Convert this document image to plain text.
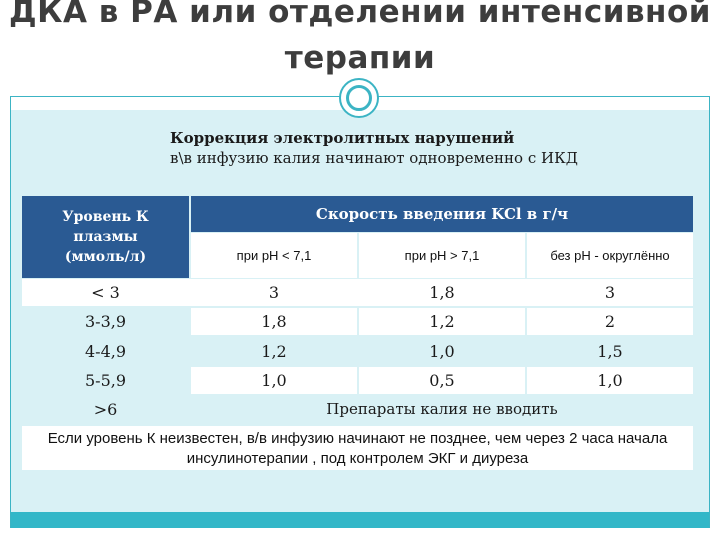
ДКА в РА или отделении интенсивной
терапии
Коррекция электролитных нарушений
в\в инфузию калия начинают одновременно с ИКД
Уровень К
плазмы
(ммоль/л)
Скорость введения KCl в г/ч
при рН < 7,1	при рН > 7,1	без рН - округлённо
< 3	3	1,8	3
3-3,9	1,8	1,2	2
4-4,9	1,2	1,0	1,5
5-5,9	1,0	0,5	1,0
>6	Препараты калия не вводить
Если уровень К неизвестен, в/в инфузию начинают не позднее, чем через 2 часа начала инсулинотерапии , под контролем ЭКГ и диуреза
